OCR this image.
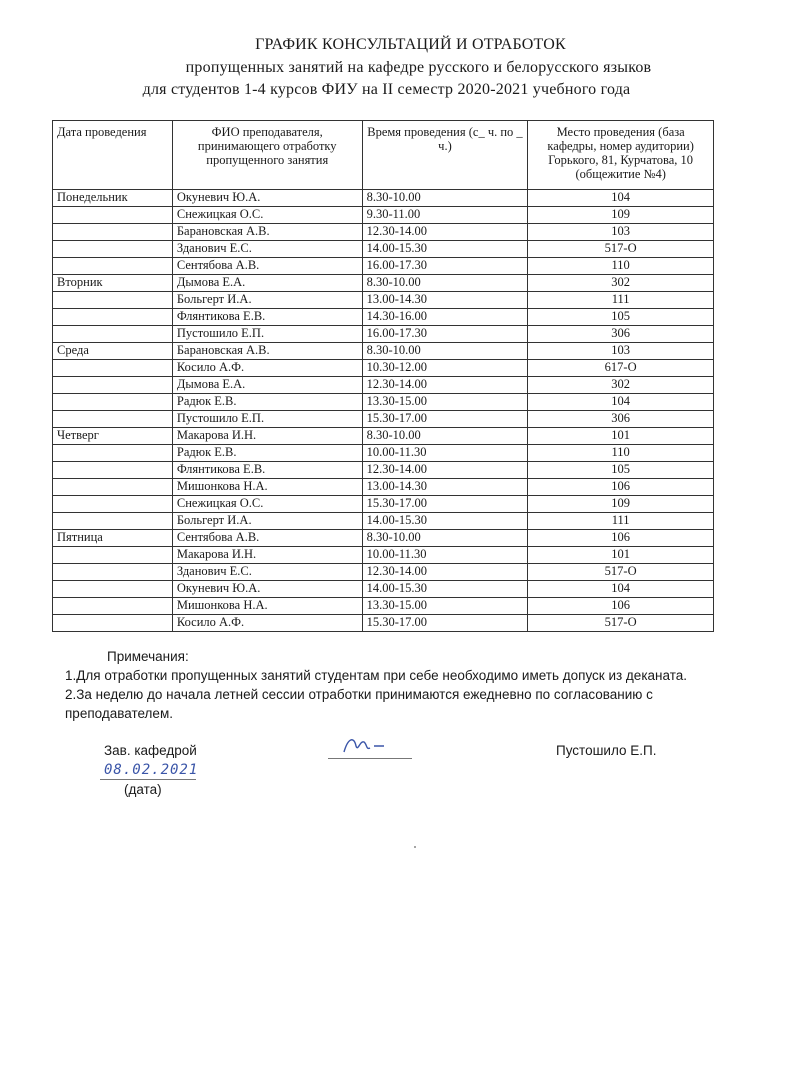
ГРАФИК КОНСУЛЬТАЦИЙ И ОТРАБОТОК
пропущенных занятий на кафедре русского и белорусского языков
для студентов 1-4 курсов ФИУ на II семестр 2020-2021 учебного года
Дата проведения	ФИО преподавателя, принимающего отработку пропущенного занятия	Время проведения (с_ ч. по _ ч.)	Место проведения (база кафедры, номер аудитории) Горького, 81, Курчатова, 10 (общежитие №4)
Понедельник	Окуневич Ю.А.	8.30-10.00	104
	Снежицкая О.С.	9.30-11.00	109
	Барановская А.В.	12.30-14.00	103
	Зданович Е.С.	14.00-15.30	517-О
	Сентябова А.В.	16.00-17.30	110
Вторник	Дымова Е.А.	8.30-10.00	302
	Больгерт И.А.	13.00-14.30	111
	Флянтикова Е.В.	14.30-16.00	105
	Пустошило Е.П.	16.00-17.30	306
Среда	Барановская А.В.	8.30-10.00	103
	Косило А.Ф.	10.30-12.00	617-О
	Дымова Е.А.	12.30-14.00	302
	Радюк Е.В.	13.30-15.00	104
	Пустошило Е.П.	15.30-17.00	306
Четверг	Макарова И.Н.	8.30-10.00	101
	Радюк Е.В.	10.00-11.30	110
	Флянтикова Е.В.	12.30-14.00	105
	Мишонкова Н.А.	13.00-14.30	106
	Снежицкая О.С.	15.30-17.00	109
	Больгерт И.А.	14.00-15.30	111
Пятница	Сентябова А.В.	8.30-10.00	106
	Макарова И.Н.	10.00-11.30	101
	Зданович Е.С.	12.30-14.00	517-О
	Окуневич Ю.А.	14.00-15.30	104
	Мишонкова Н.А.	13.30-15.00	106
	Косило А.Ф.	15.30-17.00	517-О
Примечания:
1.Для отработки пропущенных занятий студентам при себе необходимо иметь допуск из деканата.
2.За неделю до начала летней сессии отработки принимаются ежедневно по согласованию с преподавателем.
Зав. кафедрой	Пустошило Е.П.
08.02.2021
(дата)
